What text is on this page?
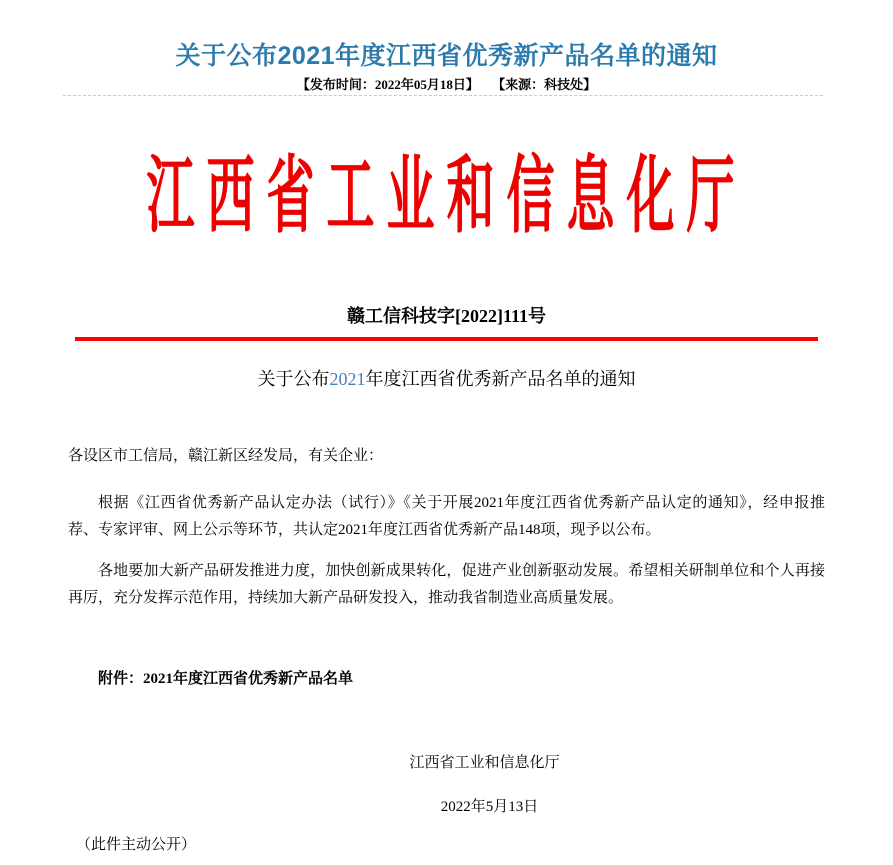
关于公布2021年度江西省优秀新产品名单的通知
【发布时间：2022年05月18日】 【来源：科技处】
江西省工业和信息化厅
赣工信科技字[2022]111号
关于公布2021年度江西省优秀新产品名单的通知

各设区市工信局，赣江新区经发局，有关企业：

根据《江西省优秀新产品认定办法（试行）》《关于开展2021年度江西省优秀新产品认定的通知》，经申报推荐、专家评审、网上公示等环节，共认定2021年度江西省优秀新产品148项，现予以公布。

各地要加大新产品研发推进力度，加快创新成果转化，促进产业创新驱动发展。希望相关研制单位和个人再接再厉，充分发挥示范作用，持续加大新产品研发投入，推动我省制造业高质量发展。

附件：2021年度江西省优秀新产品名单

江西省工业和信息化厅
2022年5月13日
（此件主动公开）
